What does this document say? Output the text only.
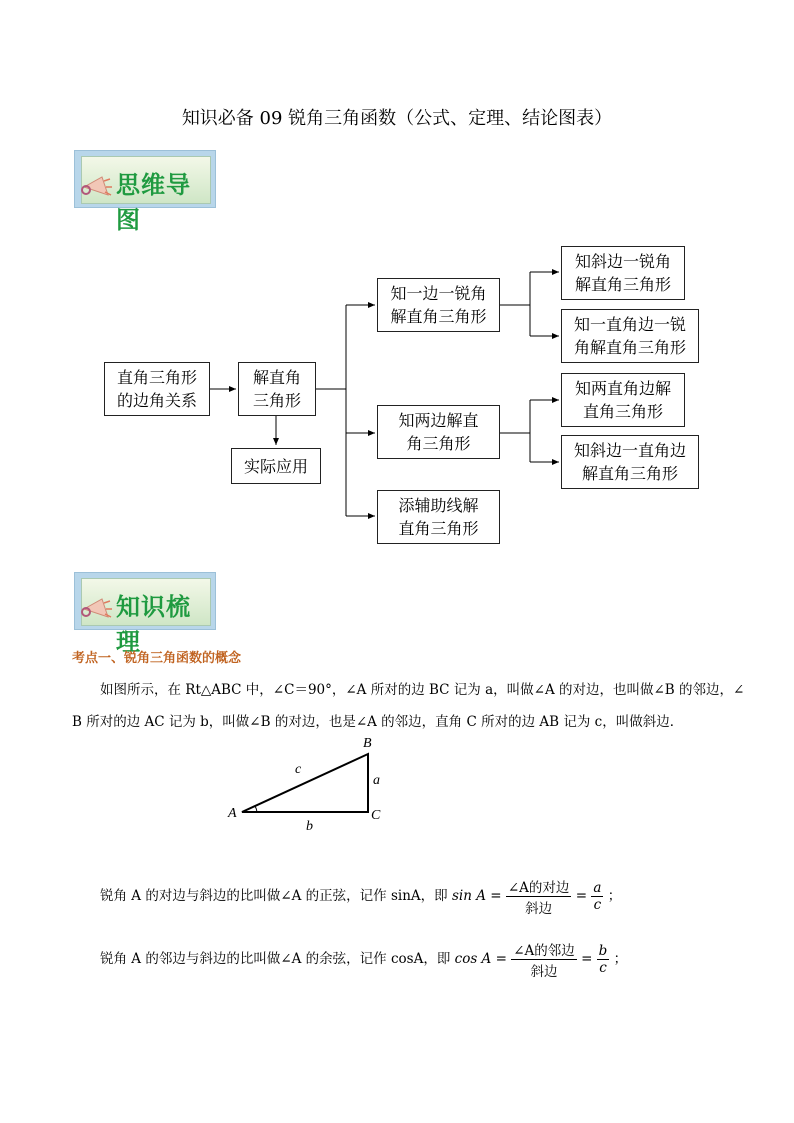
知识必备 09 锐角三角函数（公式、定理、结论图表）
思维导图
直角三角形
的边角关系
解直角
三角形
实际应用
知一边一锐角
解直角三角形
知两边解直
角三角形
添辅助线解
直角三角形
知斜边一锐角
解直角三角形
知一直角边一锐
角解直角三角形
知两直角边解
直角三角形
知斜边一直角边
解直角三角形
知识梳理
考点一、锐角三角函数的概念
如图所示，在 Rt△ABC 中，∠C＝90°，∠A 所对的边 BC 记为 a，叫做∠A 的对边，也叫做∠B 的邻边，∠
B 所对的边 AC 记为 b，叫做∠B 的对边，也是∠A 的邻边，直角 C 所对的边 AB 记为 c，叫做斜边．
A
B
C
a
b
c
锐角 A 的对边与斜边的比叫做∠A 的正弦，记作 sinA，即 $\sin A = \frac{\text{∠A的对边}}{\text{斜边}} = \frac{a}{c}$ ；
锐角 A 的邻边与斜边的比叫做∠A 的余弦，记作 cosA，即 $\cos A = \frac{\text{∠A的邻边}}{\text{斜边}} = \frac{b}{c}$ ；
